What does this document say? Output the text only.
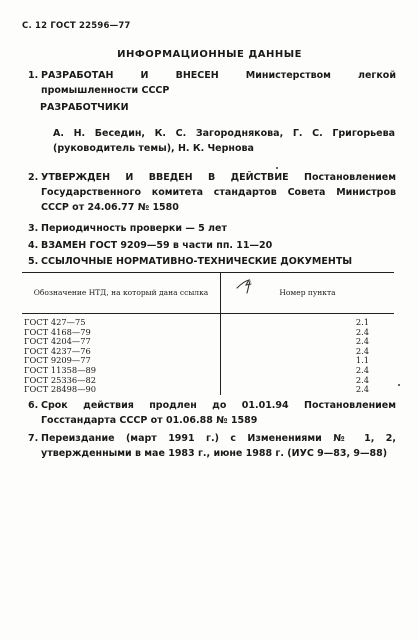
С. 12 ГОСТ 22596—77
ИНФОРМАЦИОННЫЕ ДАННЫЕ
1. РАЗРАБОТАН И ВНЕСЕН Министерством легкой промышленности СССР
РАЗРАБОТЧИКИ
А. Н. Беседин, К. С. Загороднякова, Г. С. Григорьева (руководитель темы), Н. К. Чернова
2. УТВЕРЖДЕН И ВВЕДЕН В ДЕЙСТВИЕ Постановлением Государственного комитета стандартов Совета Министров СССР от 24.06.77 № 1580
3. Периодичность проверки — 5 лет
4. ВЗАМЕН ГОСТ 9209—59 в части пп. 11—20
5. ССЫЛОЧНЫЕ НОРМАТИВНО-ТЕХНИЧЕСКИЕ ДОКУМЕНТЫ
Обозначение НТД, на который дана ссылка	Номер пункта
ГОСТ 427—75	2.1
ГОСТ 4168—79	2.4
ГОСТ 4204—77	2.4
ГОСТ 4237—76	2.4
ГОСТ 9209—77	1.1
ГОСТ 11358—89	2.4
ГОСТ 25336—82	2.4
ГОСТ 28498—90	2.4
6. Срок действия продлен до 01.01.94 Постановлением Госстандарта СССР от 01.06.88 № 1589
7. Переиздание (март 1991 г.) с Изменениями № 1, 2, утвержденными в мае 1983 г., июне 1988 г. (ИУС 9—83, 9—88)
